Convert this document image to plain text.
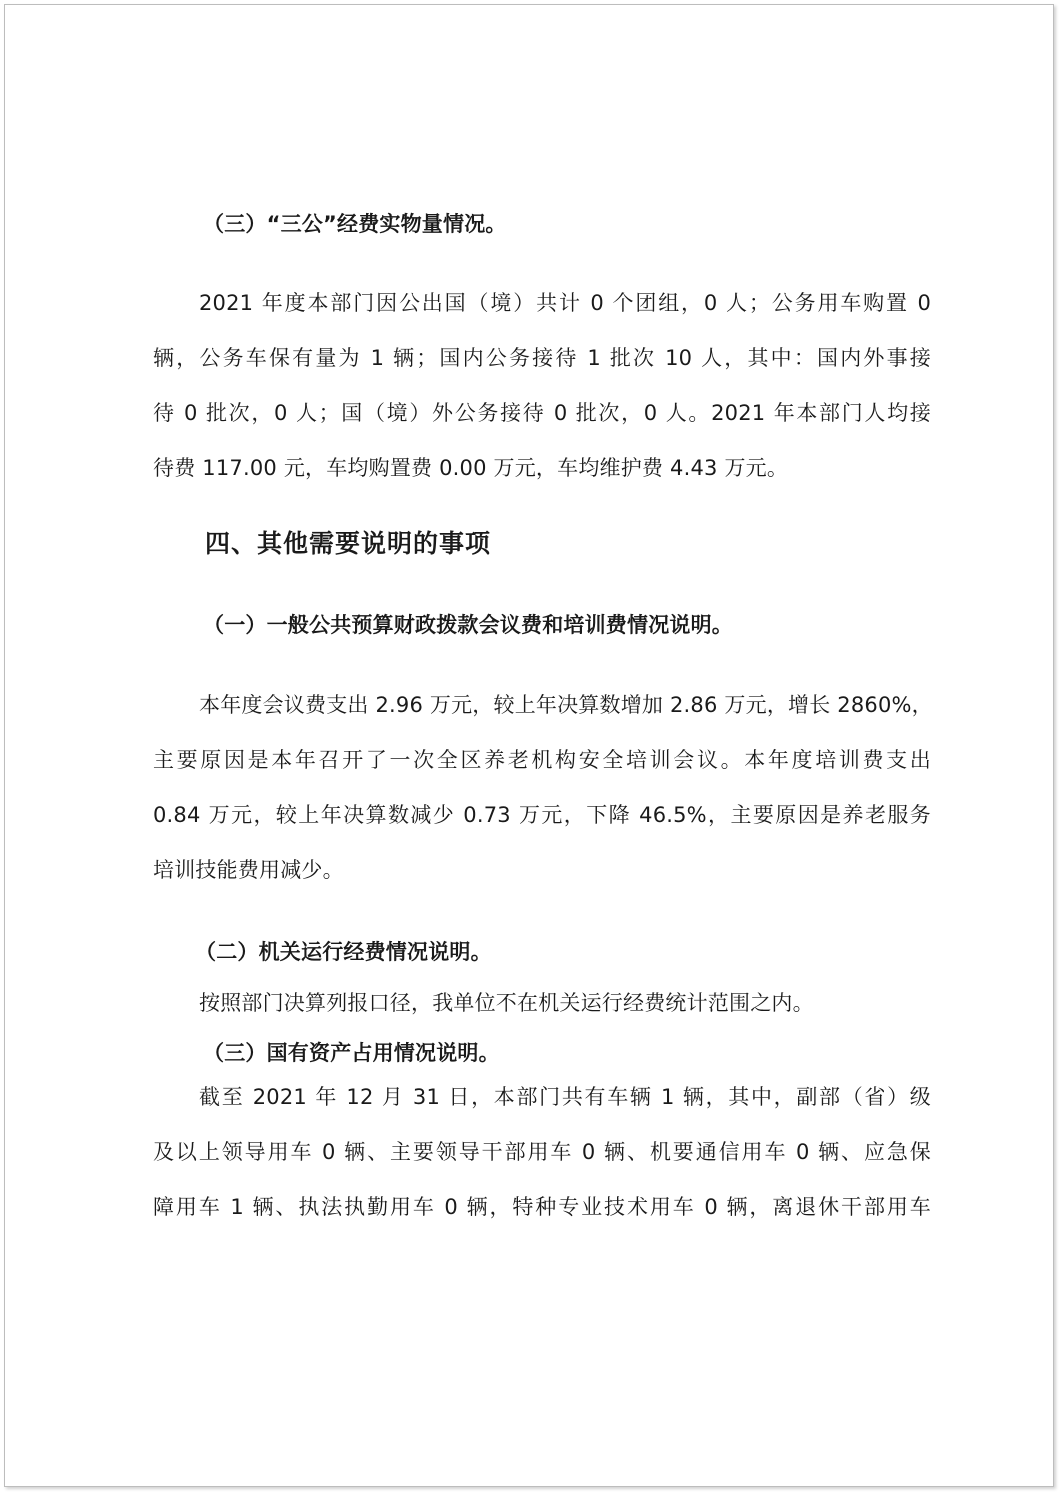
（三）“三公”经费实物量情况。
2021 年度本部门因公出国（境）共计 0 个团组，0 人；公务用车购置 0
辆，公务车保有量为 1 辆；国内公务接待 1 批次 10 人，其中：国内外事接
待 0 批次，0 人；国（境）外公务接待 0 批次，0 人。2021 年本部门人均接
待费 117.00 元，车均购置费 0.00 万元，车均维护费 4.43 万元。
四、其他需要说明的事项
（一）一般公共预算财政拨款会议费和培训费情况说明。
本年度会议费支出 2.96 万元，较上年决算数增加 2.86 万元，增长 2860%，
主要原因是本年召开了一次全区养老机构安全培训会议。本年度培训费支出
0.84 万元，较上年决算数减少 0.73 万元，下降 46.5%，主要原因是养老服务
培训技能费用减少。
（二）机关运行经费情况说明。
按照部门决算列报口径，我单位不在机关运行经费统计范围之内。
（三）国有资产占用情况说明。
截至 2021 年 12 月 31 日，本部门共有车辆 1 辆，其中，副部（省）级
及以上领导用车 0 辆、主要领导干部用车 0 辆、机要通信用车 0 辆、应急保
障用车 1 辆、执法执勤用车 0 辆，特种专业技术用车 0 辆，离退休干部用车
